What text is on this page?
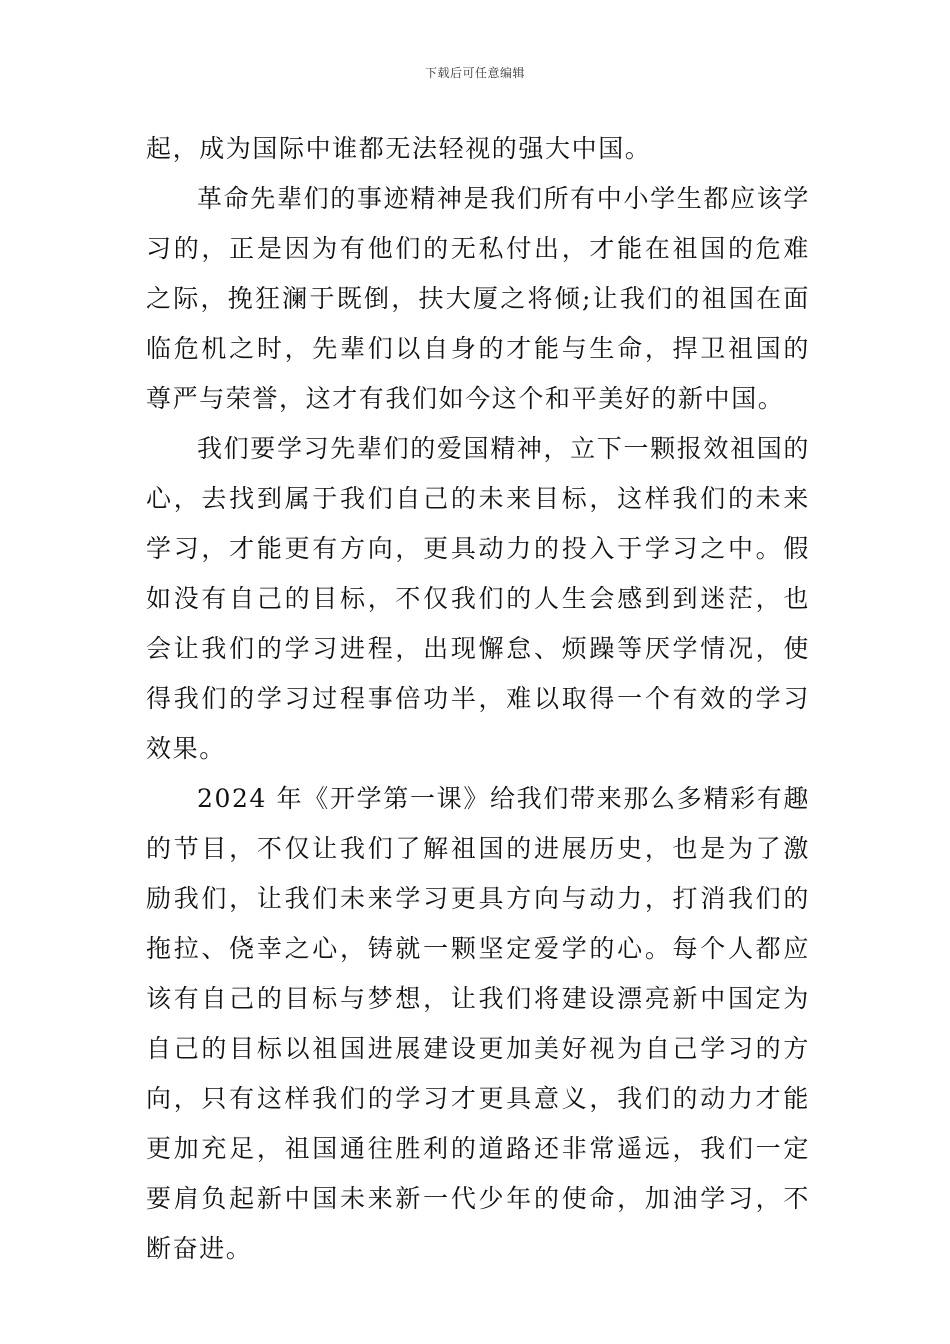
下载后可任意编辑

起，成为国际中谁都无法轻视的强大中国。

革命先辈们的事迹精神是我们所有中小学生都应该学习的，正是因为有他们的无私付出，才能在祖国的危难之际，挽狂澜于既倒，扶大厦之将倾;让我们的祖国在面临危机之时，先辈们以自身的才能与生命，捍卫祖国的尊严与荣誉，这才有我们如今这个和平美好的新中国。

我们要学习先辈们的爱国精神，立下一颗报效祖国的心，去找到属于我们自己的未来目标，这样我们的未来学习，才能更有方向，更具动力的投入于学习之中。假如没有自己的目标，不仅我们的人生会感到到迷茫，也会让我们的学习进程，出现懈怠、烦躁等厌学情况，使得我们的学习过程事倍功半，难以取得一个有效的学习效果。

2024 年《开学第一课》给我们带来那么多精彩有趣的节目，不仅让我们了解祖国的进展历史，也是为了激励我们，让我们未来学习更具方向与动力，打消我们的拖拉、侥幸之心，铸就一颗坚定爱学的心。每个人都应该有自己的目标与梦想，让我们将建设漂亮新中国定为自己的目标以祖国进展建设更加美好视为自己学习的方向，只有这样我们的学习才更具意义，我们的动力才能更加充足，祖国通往胜利的道路还非常遥远，我们一定要肩负起新中国未来新一代少年的使命，加油学习，不断奋进。
